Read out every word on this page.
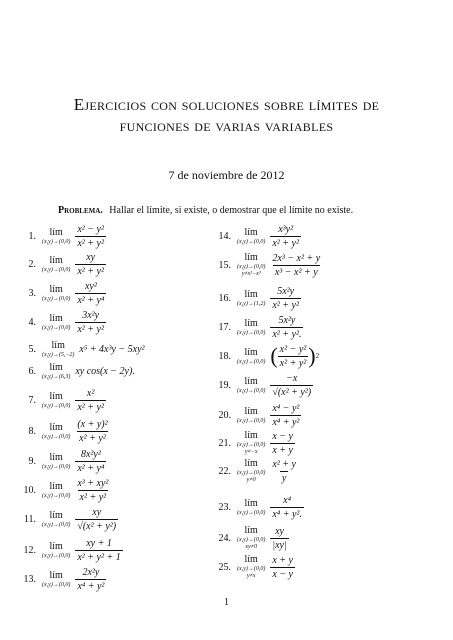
Ejercicios con soluciones sobre límites de
funciones de varias variables
7 de noviembre de 2012
Problema. Hallar el límite, si existe, o demostrar que el límite no existe.
1. lím
$(x,y)\to(0,0) \frac{\text{x² − y²}}{\text{x² + y²}}$
2. lím
$(x,y)\to(0,0) \frac{xy}{\text{x² + y²}}$
3. lím
$(x,y)\to(0,0) \frac{\text{xy²}}{\text{x² + y⁴}}$
4. lím
$(x,y)\to(0,0) \frac{\text{3x²y}}{\text{x² + y²}}$
5. lím
(x,y)→(5,−2) x⁵ + 4x³y − 5xy²
6. lím
(x,y)→(6,3) xy cos(x − 2y).
7. lím
$(x,y)\to(0,0) \frac{\text{x²}}{\text{x² + y²}}$
8. lím
$(x,y)\to(0,0) \frac{\text{(x + y)²}}{\text{x² + y²}}$
9. lím
$(x,y)\to(0,0) \frac{\text{8x²y²}}{\text{x² + y⁴}}$
10. lím
$(x,y)\to(0,0) \frac{\text{x³ + xy²}}{\text{x² + y²}}$
11. lím
$(x,y)\to(0,0) \frac{xy}{\text{√(x² + y²)}}$
12. lím
$(x,y)\to(0,0) \frac{xy + 1}{\text{x² + y² + 1}}$
13. lím
$(x,y)\to(0,0) \frac{\text{2x²y}}{\text{x⁴ + y²}}$
14. lím
$(x,y)\to(0,0) \frac{\text{x³y²}}{\text{x² + y²}}$
15.
lím
(x,y)→(0,0)
$y\ne x^2-x^3 \frac{\text{2x³ − x² + y}}{\text{x³ − x² + y}}$
16. lím
$(x,y)\to(1,2) \frac{\text{5x²y}}{\text{x² + y²}}$
17. lím
$(x,y)\to(0,0) \frac{\text{5x²y}}{\text{x² + y².}}$
18. lím
(x,y)→(0,0) ( $\frac{\text{x² − y²}}{\text{x² + y²}}$ ) 2
19. lím
$(x,y)\to(0,0) \frac{-x}{\text{√(x² + y²)}}$
20. lím
$(x,y)\to(0,0) \frac{\text{x⁴ − y²}}{\text{x⁴ + y²}}$
21.
lím
(x,y)→(0,0)
$y\ne-x \frac{x - y}{x + y}$
22.
lím
(x,y)→(0,0)
$y\ne 0 \frac{\text{x² + y}}{y}$
23. lím
$(x,y)\to(0,0) \frac{\text{x⁴}}{\text{x⁴ + y².}}$
24.
lím
(x,y)→(0,0)
$xy\ne 0 \frac{xy}{|xy|}$
25.
lím
(x,y)→(0,0)
$y\ne x \frac{x + y}{x - y}$
1
